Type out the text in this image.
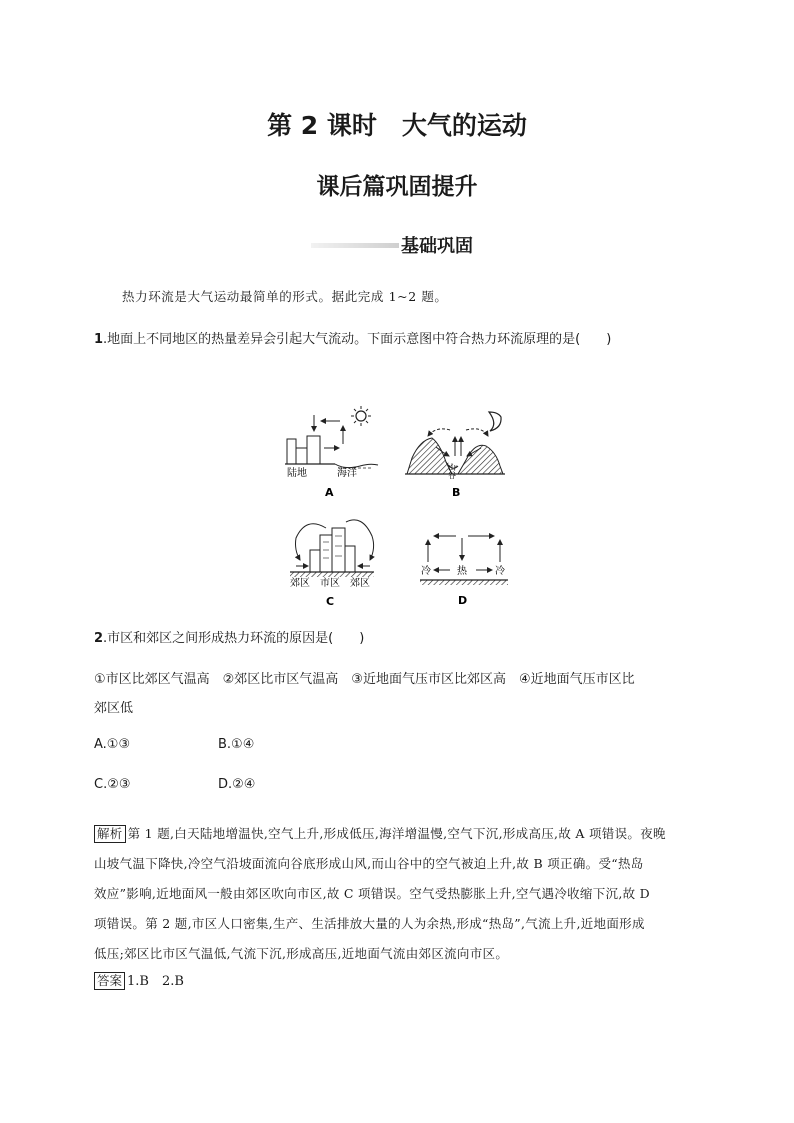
第 2 课时　大气的运动
课后篇巩固提升
基础巩固
热力环流是大气运动最简单的形式。据此完成 1~2 题。
1.地面上不同地区的热量差异会引起大气流动。下面示意图中符合热力环流原理的是(　　)
陆地	海洋
A
山谷
B
郊区 市区 郊区
C
冷	热	冷
D
2.市区和郊区之间形成热力环流的原因是(　　)
①市区比郊区气温高　②郊区比市区气温高　③近地面气压市区比郊区高　④近地面气压市区比
郊区低
A.①③	B.①④
C.②③	D.②④
解析 第 1 题,白天陆地增温快,空气上升,形成低压,海洋增温慢,空气下沉,形成高压,故 A 项错误。夜晚
山坡气温下降快,冷空气沿坡面流向谷底形成山风,而山谷中的空气被迫上升,故 B 项正确。受“热岛
效应”影响,近地面风一般由郊区吹向市区,故 C 项错误。空气受热膨胀上升,空气遇冷收缩下沉,故 D
项错误。第 2 题,市区人口密集,生产、生活排放大量的人为余热,形成“热岛”,气流上升,近地面形成
低压;郊区比市区气温低,气流下沉,形成高压,近地面气流由郊区流向市区。
答案 1.B　2.B
